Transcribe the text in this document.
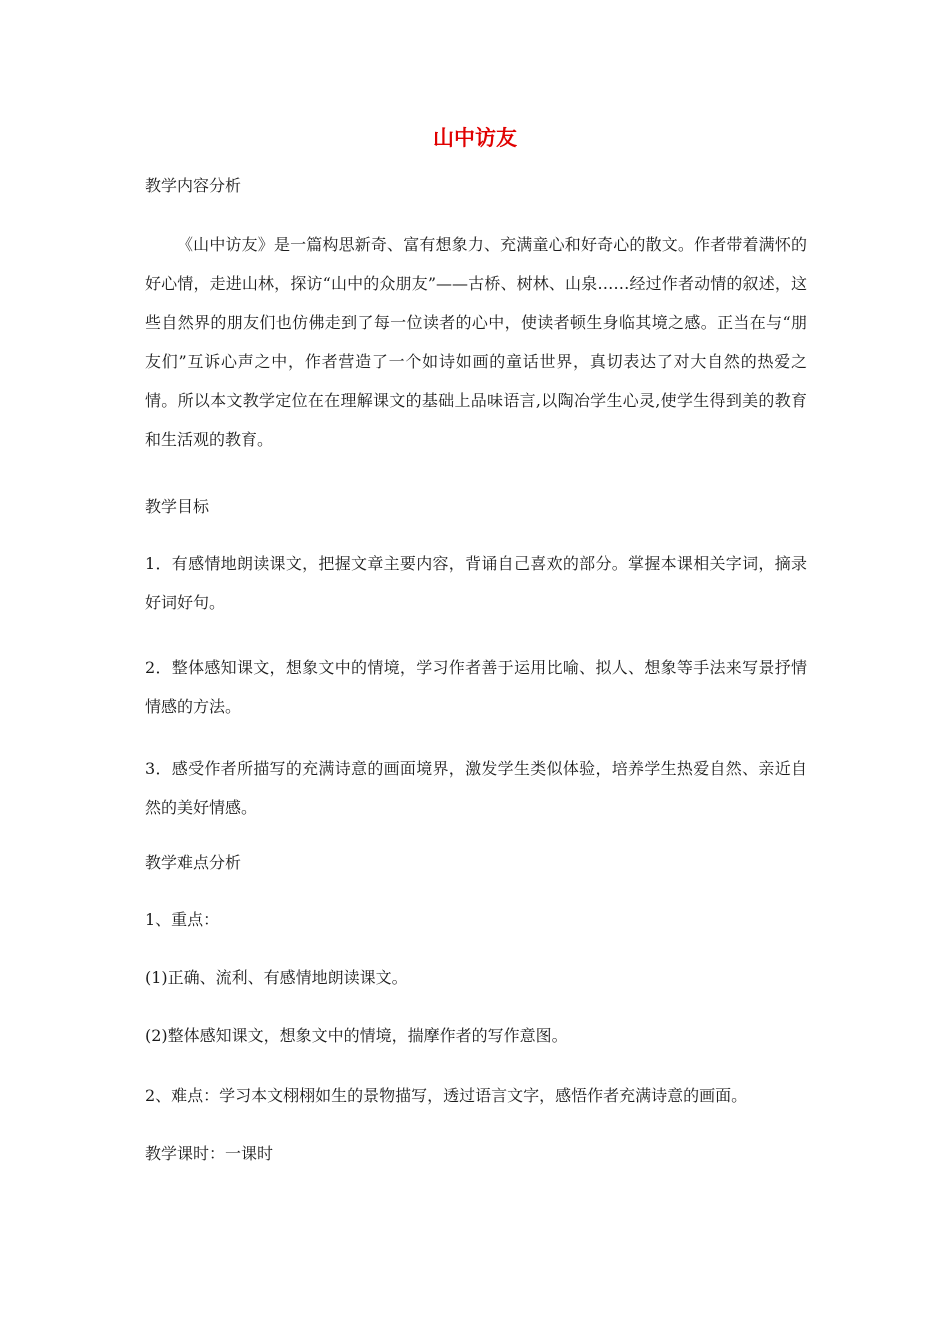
山中访友
教学内容分析
《山中访友》是一篇构思新奇、富有想象力、充满童心和好奇心的散文。作者带着满怀的好心情，走进山林，探访“山中的众朋友”——古桥、树林、山泉……经过作者动情的叙述，这些自然界的朋友们也仿佛走到了每一位读者的心中，使读者顿生身临其境之感。正当在与“朋友们”互诉心声之中，作者营造了一个如诗如画的童话世界，真切表达了对大自然的热爱之情。所以本文教学定位在在理解课文的基础上品味语言,以陶冶学生心灵,使学生得到美的教育和生活观的教育。
教学目标
1．有感情地朗读课文，把握文章主要内容，背诵自己喜欢的部分。掌握本课相关字词，摘录好词好句。
2．整体感知课文，想象文中的情境，学习作者善于运用比喻、拟人、想象等手法来写景抒情情感的方法。
3．感受作者所描写的充满诗意的画面境界，激发学生类似体验，培养学生热爱自然、亲近自然的美好情感。
教学难点分析
1、重点：
(1)正确、流利、有感情地朗读课文。
(2)整体感知课文，想象文中的情境，揣摩作者的写作意图。
2、难点：学习本文栩栩如生的景物描写，透过语言文字，感悟作者充满诗意的画面。
教学课时：一课时
